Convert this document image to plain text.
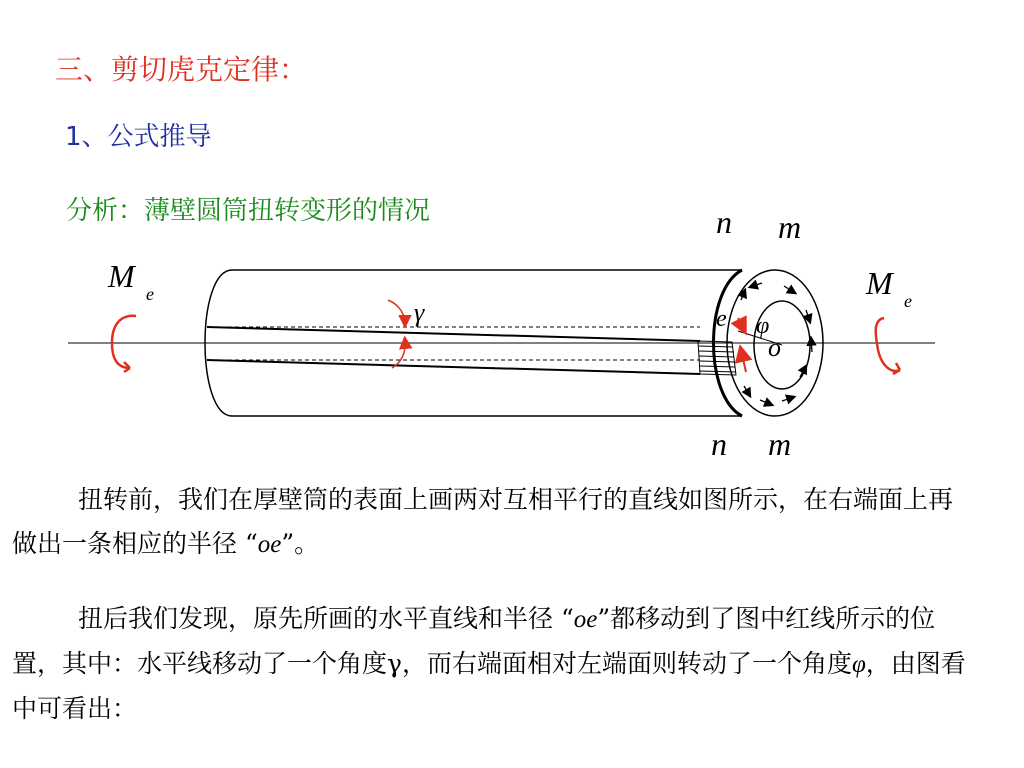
三、剪切虎克定律：
1、公式推导
分析：薄壁圆筒扭转变形的情况	n m
n m
M e	M e
γ	e φ
o
扭转前，我们在厚壁筒的表面上画两对互相平行的直线如图所示，在右端面上再做出一条相应的半径 “oe”。
扭后我们发现，原先所画的水平直线和半径 “oe”都移动到了图中红线所示的位置，其中：水平线移动了一个角度γ，而右端面相对左端面则转动了一个角度φ，由图看中可看出：
